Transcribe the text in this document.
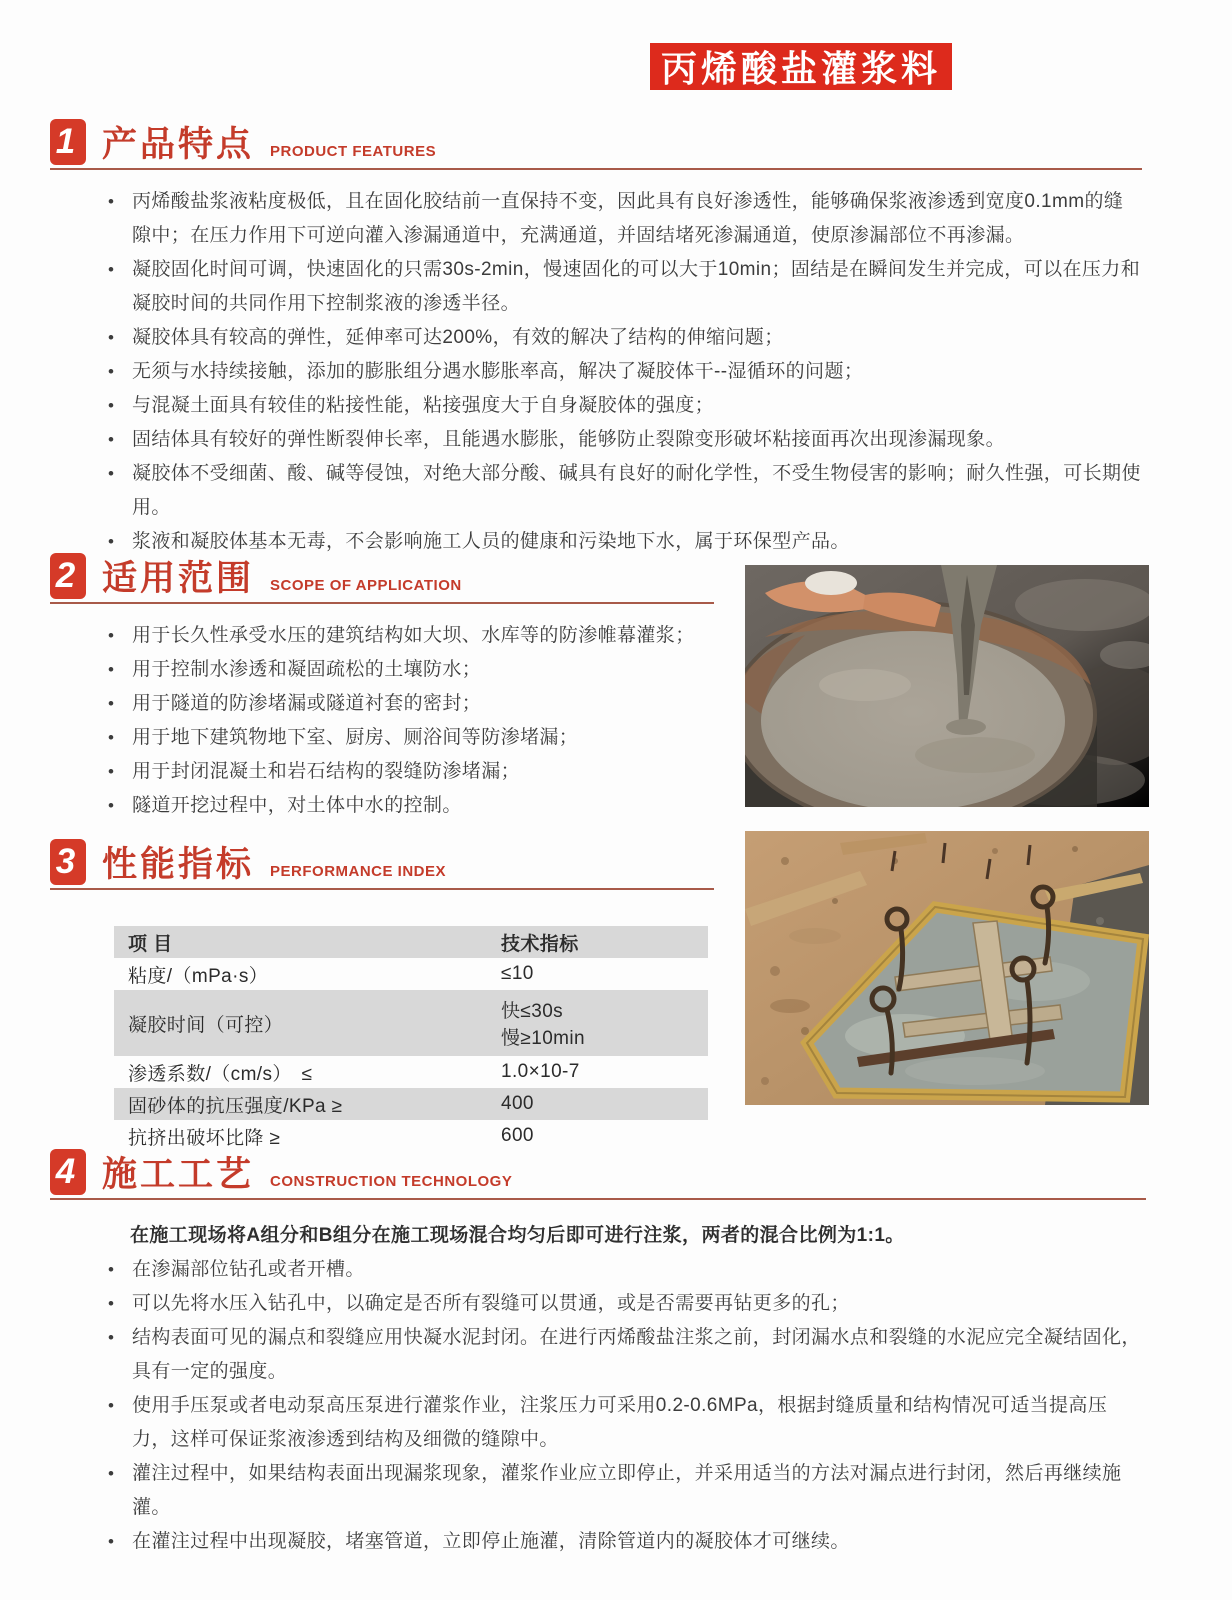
丙烯酸盐灌浆料
1 产品特点 PRODUCT FEATURES
• 丙烯酸盐浆液粘度极低，且在固化胶结前一直保持不变，因此具有良好渗透性，能够确保浆液渗透到宽度0.1mm的缝隙中；在压力作用下可逆向灌入渗漏通道中，充满通道，并固结堵死渗漏通道，使原渗漏部位不再渗漏。
• 凝胶固化时间可调，快速固化的只需30s-2min，慢速固化的可以大于10min；固结是在瞬间发生并完成，可以在压力和凝胶时间的共同作用下控制浆液的渗透半径。
• 凝胶体具有较高的弹性，延伸率可达200%，有效的解决了结构的伸缩问题；
• 无须与水持续接触，添加的膨胀组分遇水膨胀率高，解决了凝胶体干--湿循环的问题；
• 与混凝土面具有较佳的粘接性能，粘接强度大于自身凝胶体的强度；
• 固结体具有较好的弹性断裂伸长率，且能遇水膨胀，能够防止裂隙变形破坏粘接面再次出现渗漏现象。
• 凝胶体不受细菌、酸、碱等侵蚀，对绝大部分酸、碱具有良好的耐化学性，不受生物侵害的影响；耐久性强，可长期使用。
• 浆液和凝胶体基本无毒，不会影响施工人员的健康和污染地下水，属于环保型产品。
2 适用范围 SCOPE OF APPLICATION
• 用于长久性承受水压的建筑结构如大坝、水库等的防渗帷幕灌浆；
• 用于控制水渗透和凝固疏松的土壤防水；
• 用于隧道的防渗堵漏或隧道衬套的密封；
• 用于地下建筑物地下室、厨房、厕浴间等防渗堵漏；
• 用于封闭混凝土和岩石结构的裂缝防渗堵漏；
• 隧道开挖过程中，对土体中水的控制。
3 性能指标 PERFORMANCE INDEX
项 目	技术指标
粘度/（mPa·s）	≤10
凝胶时间（可控）	快≤30s
慢≥10min

渗透系数/（cm/s）　≤	1.0×10-7
固砂体的抗压强度/KPa ≥	400
抗挤出破坏比降 ≥	600
4 施工工艺 CONSTRUCTION TECHNOLOGY
在施工现场将A组分和B组分在施工现场混合均匀后即可进行注浆，两者的混合比例为1:1。
• 在渗漏部位钻孔或者开槽。
• 可以先将水压入钻孔中，以确定是否所有裂缝可以贯通，或是否需要再钻更多的孔；
• 结构表面可见的漏点和裂缝应用快凝水泥封闭。在进行丙烯酸盐注浆之前，封闭漏水点和裂缝的水泥应完全凝结固化，具有一定的强度。
• 使用手压泵或者电动泵高压泵进行灌浆作业，注浆压力可采用0.2-0.6MPa，根据封缝质量和结构情况可适当提高压力，这样可保证浆液渗透到结构及细微的缝隙中。
• 灌注过程中，如果结构表面出现漏浆现象，灌浆作业应立即停止，并采用适当的方法对漏点进行封闭，然后再继续施灌。
• 在灌注过程中出现凝胶，堵塞管道，立即停止施灌，清除管道内的凝胶体才可继续。
